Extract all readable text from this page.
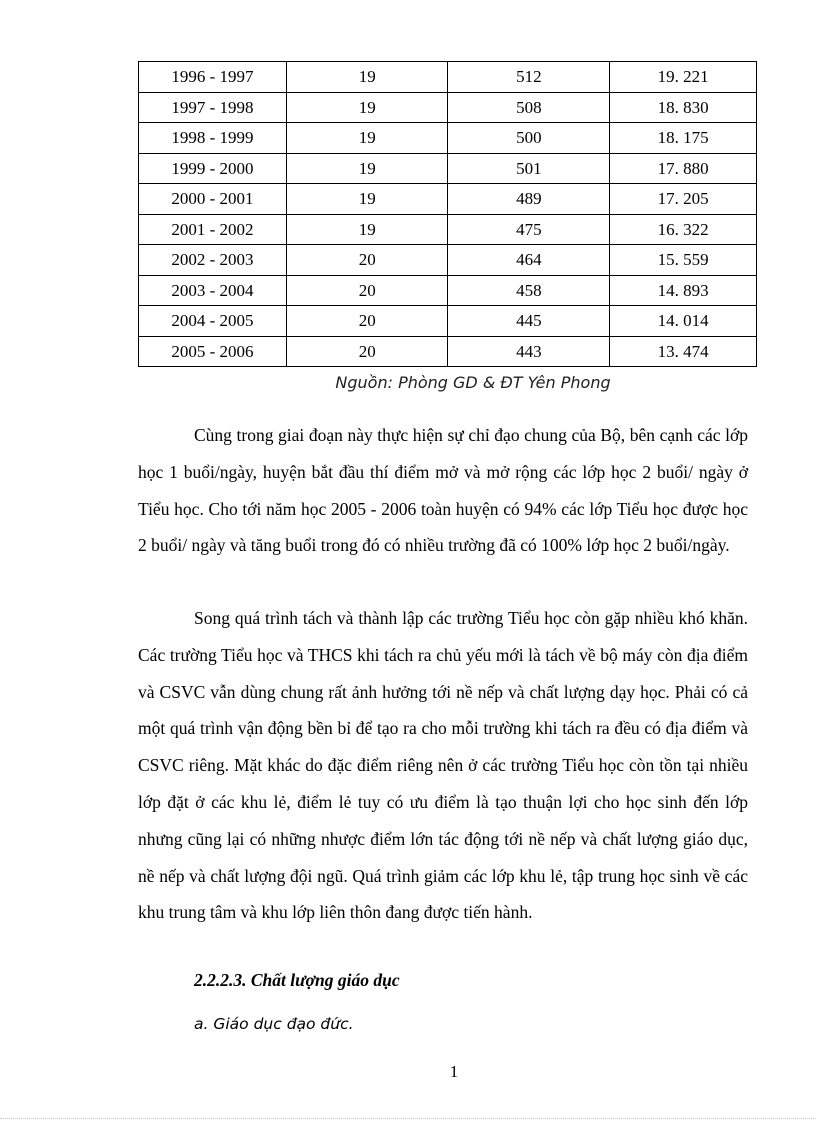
1996 - 1997	19	512	19. 221
1997 - 1998	19	508	18. 830
1998 - 1999	19	500	18. 175
1999 - 2000	19	501	17. 880
2000 - 2001	19	489	17. 205
2001 - 2002	19	475	16. 322
2002 - 2003	20	464	15. 559
2003 - 2004	20	458	14. 893
2004 - 2005	20	445	14. 014
2005 - 2006	20	443	13. 474
Nguồn: Phòng GD & ĐT Yên Phong

Cùng trong giai đoạn này thực hiện sự chỉ đạo chung của Bộ, bên cạnh các lớp học 1 buổi/ngày, huyện bắt đầu thí điểm mở và mở rộng các lớp học 2 buổi/ ngày ở Tiểu học. Cho tới năm học 2005 - 2006 toàn huyện có 94% các lớp Tiểu học được học 2 buổi/ ngày và tăng buổi trong đó có nhiều trường đã có 100% lớp học 2 buổi/ngày.

Song quá trình tách và thành lập các trường Tiểu học còn gặp nhiều khó khăn. Các trường Tiểu học và THCS khi tách ra chủ yếu mới là tách về bộ máy còn địa điểm và CSVC vẫn dùng chung rất ảnh hưởng tới nề nếp và chất lượng dạy học. Phải có cả một quá trình vận động bền bỉ để tạo ra cho mỗi trường khi tách ra đều có địa điểm và CSVC riêng. Mặt khác do đặc điểm riêng nên ở các trường Tiểu học còn tồn tại nhiều lớp đặt ở các khu lẻ, điểm lẻ tuy có ưu điểm là tạo thuận lợi cho học sinh đến lớp nhưng cũng lại có những nhược điểm lớn tác động tới nề nếp và chất lượng giáo dục, nề nếp và chất lượng đội ngũ. Quá trình giảm các lớp khu lẻ, tập trung học sinh về các khu trung tâm và khu lớp liên thôn đang được tiến hành.

2.2.2.3. Chất lượng giáo dục
a. Giáo dục đạo đức.
1
